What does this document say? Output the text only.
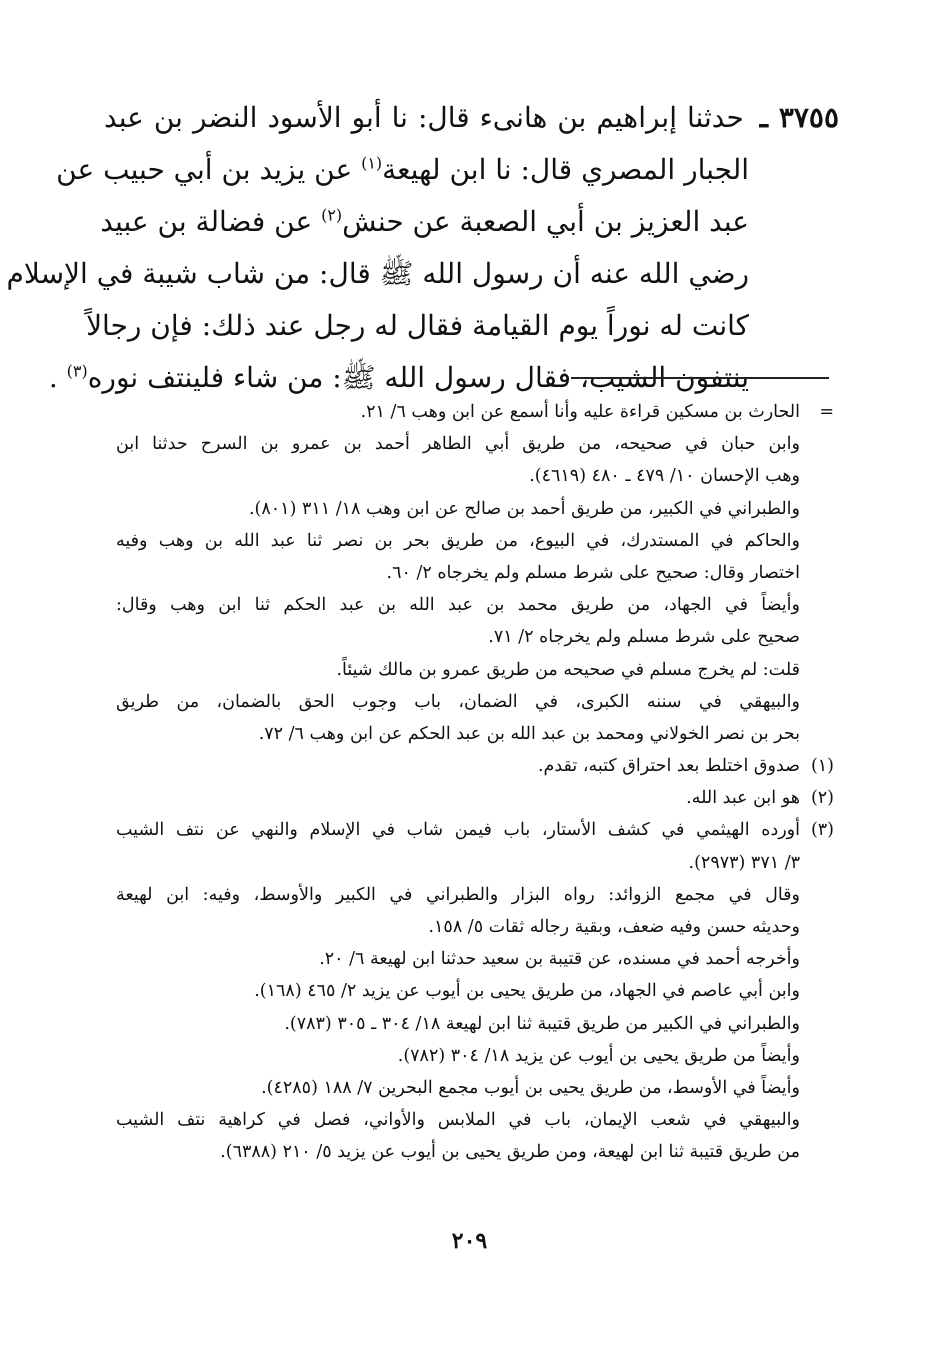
٣٧٥٥ ـ حدثنا إبراهيم بن هانىء قال: نا أبو الأسود النضر بن عبد
الجبار المصري قال: نا ابن لهيعة$^{(١)}$ عن يزيد بن أبي حبيب عن
عبد العزيز بن أبي الصعبة عن حنش$^{(٢)}$ عن فضالة بن عبيد
رضي الله عنه أن رسول الله ﷺ قال: من شاب شيبة في الإسلام
كانت له نوراً يوم القيامة فقال له رجل عند ذلك: فإن رجالاً
ينتفون الشيب، فقال رسول الله ﷺ: من شاء فلينتف نوره$^{(٣)}$ .
=
الحارث بن مسكين قراءة عليه وأنا أسمع عن ابن وهب ٦/ ٢١.
وابن حبان في صحيحه، من طريق أبي الطاهر أحمد بن عمرو بن السرح حدثنا ابن
وهب الإحسان ١٠/ ٤٧٩ ـ ٤٨٠ (٤٦١٩).
والطبراني في الكبير، من طريق أحمد بن صالح عن ابن وهب ١٨/ ٣١١ (٨٠١).
والحاكم في المستدرك، في البيوع، من طريق بحر بن نصر ثنا عبد الله بن وهب وفيه
اختصار وقال: صحيح على شرط مسلم ولم يخرجاه ٢/ ٦٠.
وأيضاً في الجهاد، من طريق محمد بن عبد الله بن عبد الحكم ثنا ابن وهب وقال:
صحيح على شرط مسلم ولم يخرجاه ٢/ ٧١.
قلت: لم يخرج مسلم في صحيحه من طريق عمرو بن مالك شيئاً.
والبيهقي في سننه الكبرى، في الضمان، باب وجوب الحق بالضمان، من طريق
بحر بن نصر الخولاني ومحمد بن عبد الله بن عبد الحكم عن ابن وهب ٦/ ٧٢.
(١)
صدوق اختلط بعد احتراق كتبه، تقدم.
(٢)
هو ابن عبد الله.
(٣)
أورده الهيثمي في كشف الأستار، باب فيمن شاب في الإسلام والنهي عن نتف الشيب
٣/ ٣٧١ (٢٩٧٣).
وقال في مجمع الزوائد: رواه البزار والطبراني في الكبير والأوسط، وفيه: ابن لهيعة
وحديثه حسن وفيه ضعف، وبقية رجاله ثقات ٥/ ١٥٨.
وأخرجه أحمد في مسنده، عن قتيبة بن سعيد حدثنا ابن لهيعة ٦/ ٢٠.
وابن أبي عاصم في الجهاد، من طريق يحيى بن أيوب عن يزيد ٢/ ٤٦٥ (١٦٨).
والطبراني في الكبير من طريق قتيبة ثنا ابن لهيعة ١٨/ ٣٠٤ ـ ٣٠٥ (٧٨٣).
وأيضاً من طريق يحيى بن أيوب عن يزيد ١٨/ ٣٠٤ (٧٨٢).
وأيضاً في الأوسط، من طريق يحيى بن أيوب مجمع البحرين ٧/ ١٨٨ (٤٢٨٥).
والبيهقي في شعب الإيمان، باب في الملابس والأواني، فصل في كراهية نتف الشيب
من طريق قتيبة ثنا ابن لهيعة، ومن طريق يحيى بن أيوب عن يزيد ٥/ ٢١٠ (٦٣٨٨).
٢٠٩
